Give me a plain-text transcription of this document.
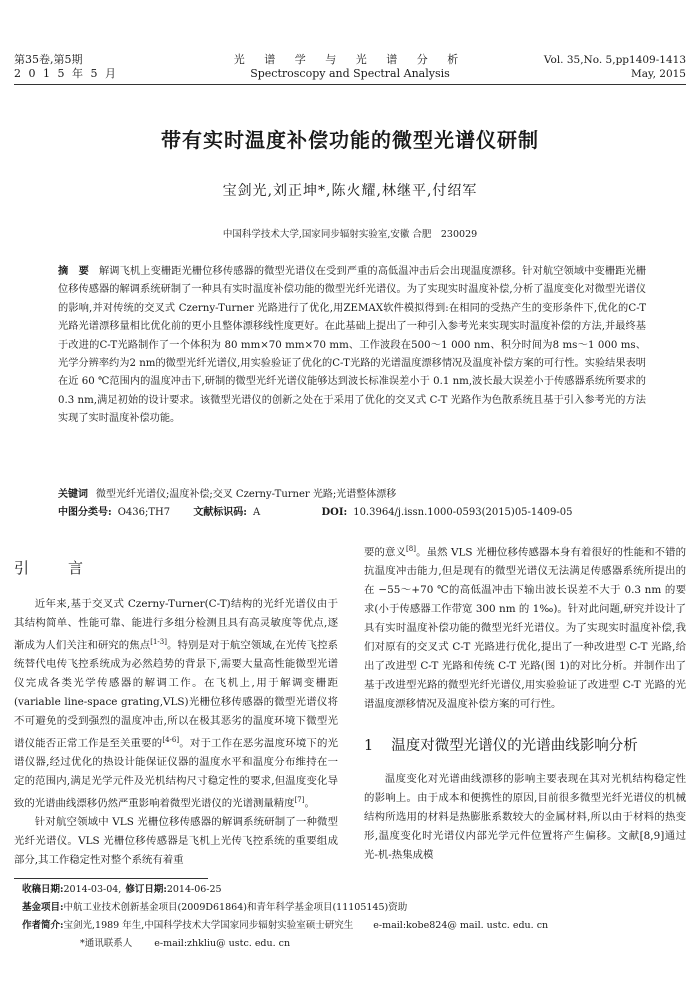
第35卷,第5期
2 0 1 5 年 5 月
光 谱 学 与 光 谱 分 析
Spectroscopy and Spectral Analysis
Vol. 35,No. 5,pp1409-1413
May, 2015
带有实时温度补偿功能的微型光谱仪研制
宝剑光,刘正坤*,陈火耀,林继平,付绍军
中国科学技术大学,国家同步辐射实验室,安徽 合肥　230029
摘　要 解调飞机上变栅距光栅位移传感器的微型光谱仪在受到严重的高低温冲击后会出现温度漂移。针对航空领域中变栅距光栅位移传感器的解调系统研制了一种具有实时温度补偿功能的微型光纤光谱仪。为了实现实时温度补偿,分析了温度变化对微型光谱仪的影响,并对传统的交叉式 Czerny-Turner 光路进行了优化,用ZEMAX软件模拟得到:在相同的受热产生的变形条件下,优化的C-T光路光谱漂移量相比优化前的更小且整体漂移线性度更好。在此基础上提出了一种引入参考光来实现实时温度补偿的方法,并最终基于改进的C-T光路制作了一个体积为 80 mm×70 mm×70 mm、工作波段在500～1 000 nm、积分时间为8 ms～1 000 ms、光学分辨率约为2 nm的微型光纤光谱仪,用实验验证了优化的C-T光路的光谱温度漂移情况及温度补偿方案的可行性。实验结果表明在近 60 ℃范围内的温度冲击下,研制的微型光纤光谱仪能够达到波长标准误差小于 0.1 nm,波长最大误差小于传感器系统所要求的 0.3 nm,满足初始的设计要求。该微型光谱仪的创新之处在于采用了优化的交叉式 C-T 光路作为色散系统且基于引入参考光的方法实现了实时温度补偿功能。
关键词 微型光纤光谱仪;温度补偿;交叉 Czerny-Turner 光路;光谱整体漂移
中图分类号: O436;TH7 文献标识码: A	DOI: 10.3964/j.issn.1000-0593(2015)05-1409-05
引　言
近年来,基于交叉式 Czerny-Turner(C-T)结构的光纤光谱仪由于其结构简单、性能可靠、能进行多组分检测且具有高灵敏度等优点,逐渐成为人们关注和研究的焦点[1-3]。特别是对于航空领域,在光传飞控系统替代电传飞控系统成为必然趋势的背景下,需要大量高性能微型光谱仪完成各类光学传感器的解调工作。在飞机上,用于解调变栅距(variable line-space grating,VLS)光栅位移传感器的微型光谱仪将不可避免的受到强烈的温度冲击,所以在极其恶劣的温度环境下微型光谱仪能否正常工作是至关重要的[4-6]。对于工作在恶劣温度环境下的光谱仪器,经过优化的热设计能保证仪器的温度水平和温度分布维持在一定的范围内,满足光学元件及光机结构尺寸稳定性的要求,但温度变化导致的光谱曲线漂移仍然严重影响着微型光谱仪的光谱测量精度[7]。
针对航空领域中 VLS 光栅位移传感器的解调系统研制了一种微型光纤光谱仪。VLS 光栅位移传感器是飞机上光传飞控系统的重要组成部分,其工作稳定性对整个系统有着重
要的意义[8]。虽然 VLS 光栅位移传感器本身有着很好的性能和不错的抗温度冲击能力,但是现有的微型光谱仪无法满足传感器系统所提出的在 −55～+70 ℃的高低温冲击下输出波长误差不大于 0.3 nm 的要求(小于传感器工作带宽 300 nm 的 1‰)。针对此问题,研究并设计了具有实时温度补偿功能的微型光纤光谱仪。为了实现实时温度补偿,我们对原有的交叉式 C-T 光路进行优化,提出了一种改进型 C-T 光路,给出了改进型 C-T 光路和传统 C-T 光路(图 1)的对比分析。并制作出了基于改进型光路的微型光纤光谱仪,用实验验证了改进型 C-T 光路的光谱温度漂移情况及温度补偿方案的可行性。
1 温度对微型光谱仪的光谱曲线影响分析
温度变化对光谱曲线漂移的影响主要表现在其对光机结构稳定性的影响上。由于成本和便携性的原因,目前很多微型光纤光谱仪的机械结构所选用的材料是热膨胀系数较大的金属材料,所以由于材料的热变形,温度变化时光谱仪内部光学元件位置将产生偏移。文献[8,9]通过光-机-热集成模
收稿日期:2014-03-04, 修订日期:2014-06-25
基金项目:中航工业技术创新基金项目(2009D61864)和青年科学基金项目(11105145)资助
作者简介:宝剑光,1989 年生,中国科学技术大学国家同步辐射实验室硕士研究生 e-mail:kobe824@ mail. ustc. edu. cn
*通讯联系人 e-mail:zhkliu@ ustc. edu. cn
